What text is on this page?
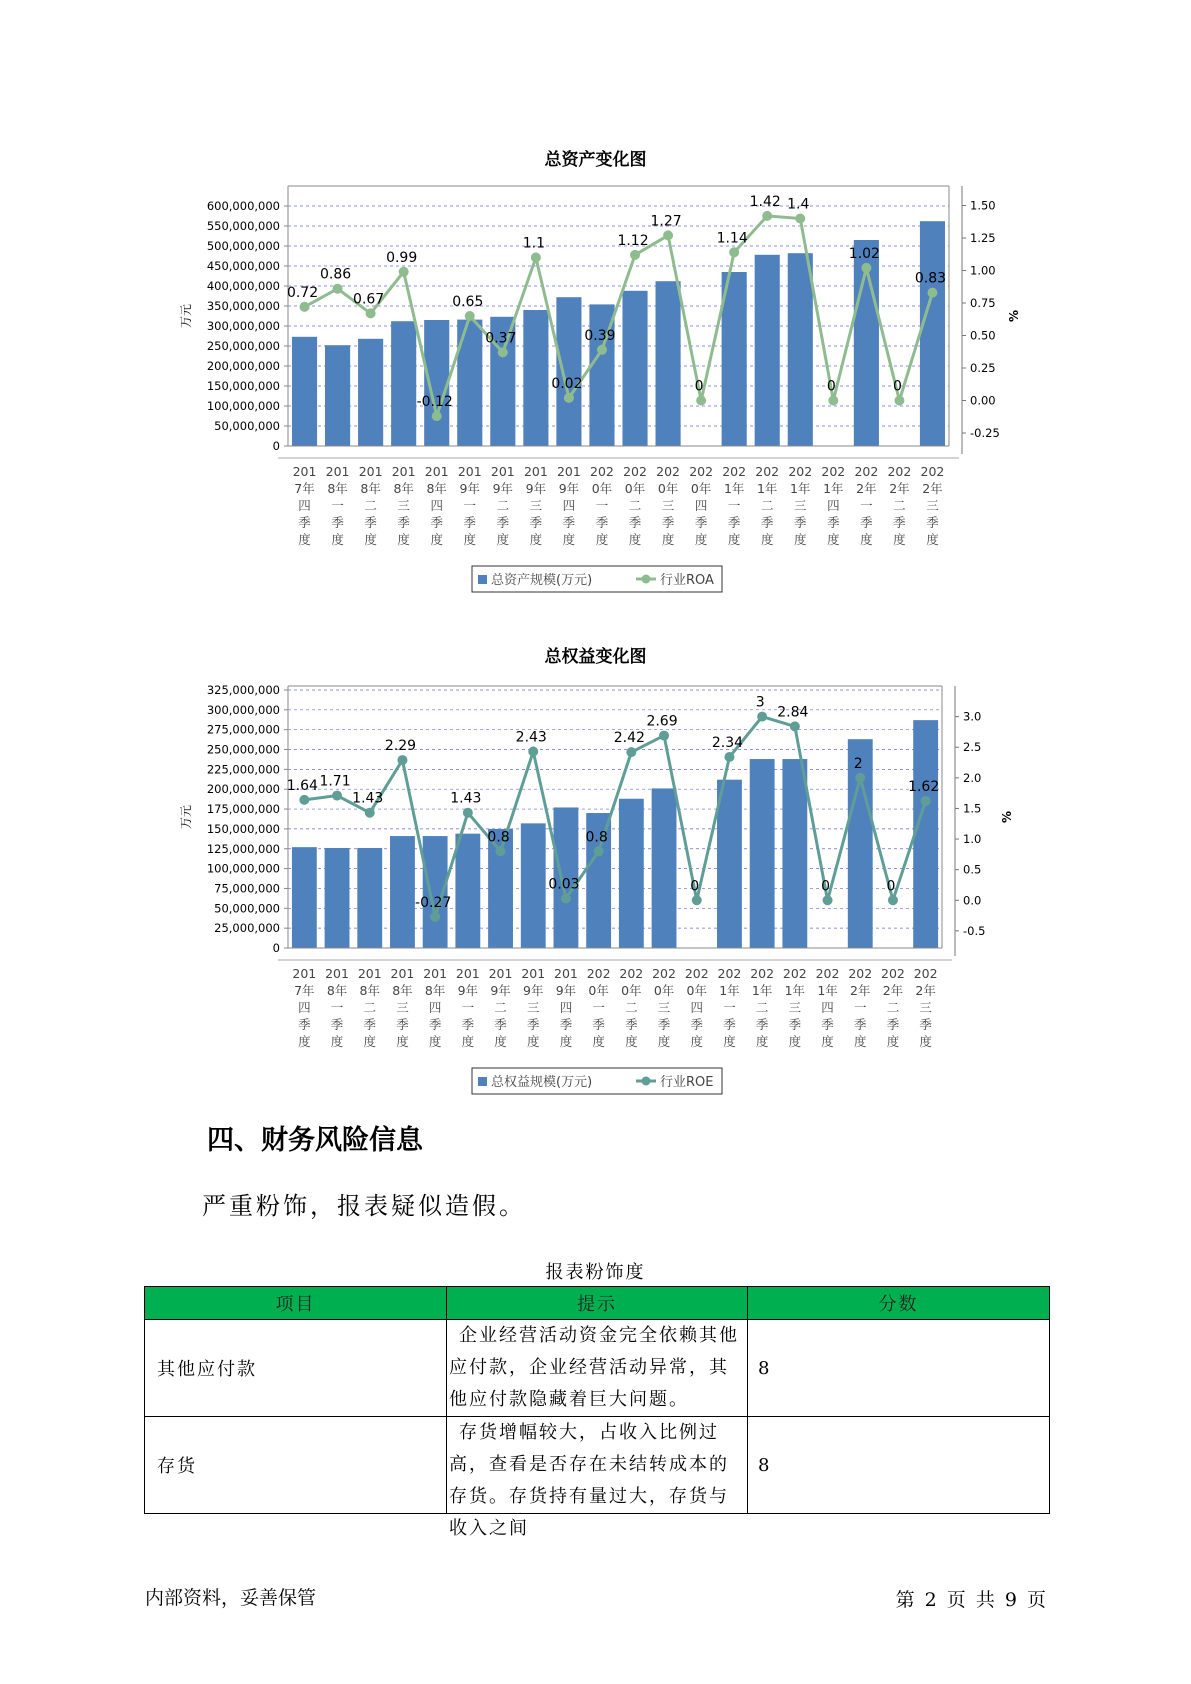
总资产变化图
0
50,000,000
100,000,000
150,000,000
200,000,000
250,000,000
300,000,000
350,000,000
400,000,000
450,000,000
500,000,000
550,000,000
600,000,000
-0.25
0.00
0.25
0.50
0.75
1.00
1.25
1.50
万元	%
0.72
0.86
0.67
0.99
-0.12
0.65
0.37
1.1
0.02
0.39
1.12
1.27
0
1.14
1.42 1.4
0
1.02
0
0.83
201
7年
四
季
度
201
8年
一
季
度
201
8年
二
季
度
201
8年
三
季
度
201
8年
四
季
度
201
9年
一
季
度
201
9年
二
季
度
201
9年
三
季
度
201
9年
四
季
度
202
0年
一
季
度
202
0年
二
季
度
202
0年
三
季
度
202
0年
四
季
度
202
1年
一
季
度
202
1年
二
季
度
202
1年
三
季
度
202
1年
四
季
度
202
2年
一
季
度
202
2年
二
季
度
202
2年
三
季
度
总资产规模(万元)	行业ROA
总权益变化图
0
25,000,000
50,000,000
75,000,000
100,000,000
125,000,000
150,000,000
175,000,000
200,000,000
225,000,000
250,000,000
275,000,000
300,000,000
325,000,000
-0.5
0.0
0.5
1.0
1.5
2.0
2.5
3.0
万元	%
1.64 1.71
1.43
2.29
-0.27
1.43
0.8
2.43
0.03
0.8
2.42
2.69
0
2.34
3
2.84
0
2
0
1.62
201
7年
四
季
度
201
8年
一
季
度
201
8年
二
季
度
201
8年
三
季
度
201
8年
四
季
度
201
9年
一
季
度
201
9年
二
季
度
201
9年
三
季
度
201
9年
四
季
度
202
0年
一
季
度
202
0年
二
季
度
202
0年
三
季
度
202
0年
四
季
度
202
1年
一
季
度
202
1年
二
季
度
202
1年
三
季
度
202
1年
四
季
度
202
2年
一
季
度
202
2年
二
季
度
202
2年
三
季
度
总权益规模(万元)	行业ROE
四、财务风险信息

严重粉饰，报表疑似造假。

报表粉饰度
项目	提示	分数
其他应付款	企业经营活动资金完全依赖其他应付款，企业经营活动异常，其他应付款隐藏着巨大问题。	8
存货	存货增幅较大，占收入比例过高，查看是否存在未结转成本的存货。存货持有量过大，存货与收入之间	8
内部资料，妥善保管	第 2 页 共 9 页
